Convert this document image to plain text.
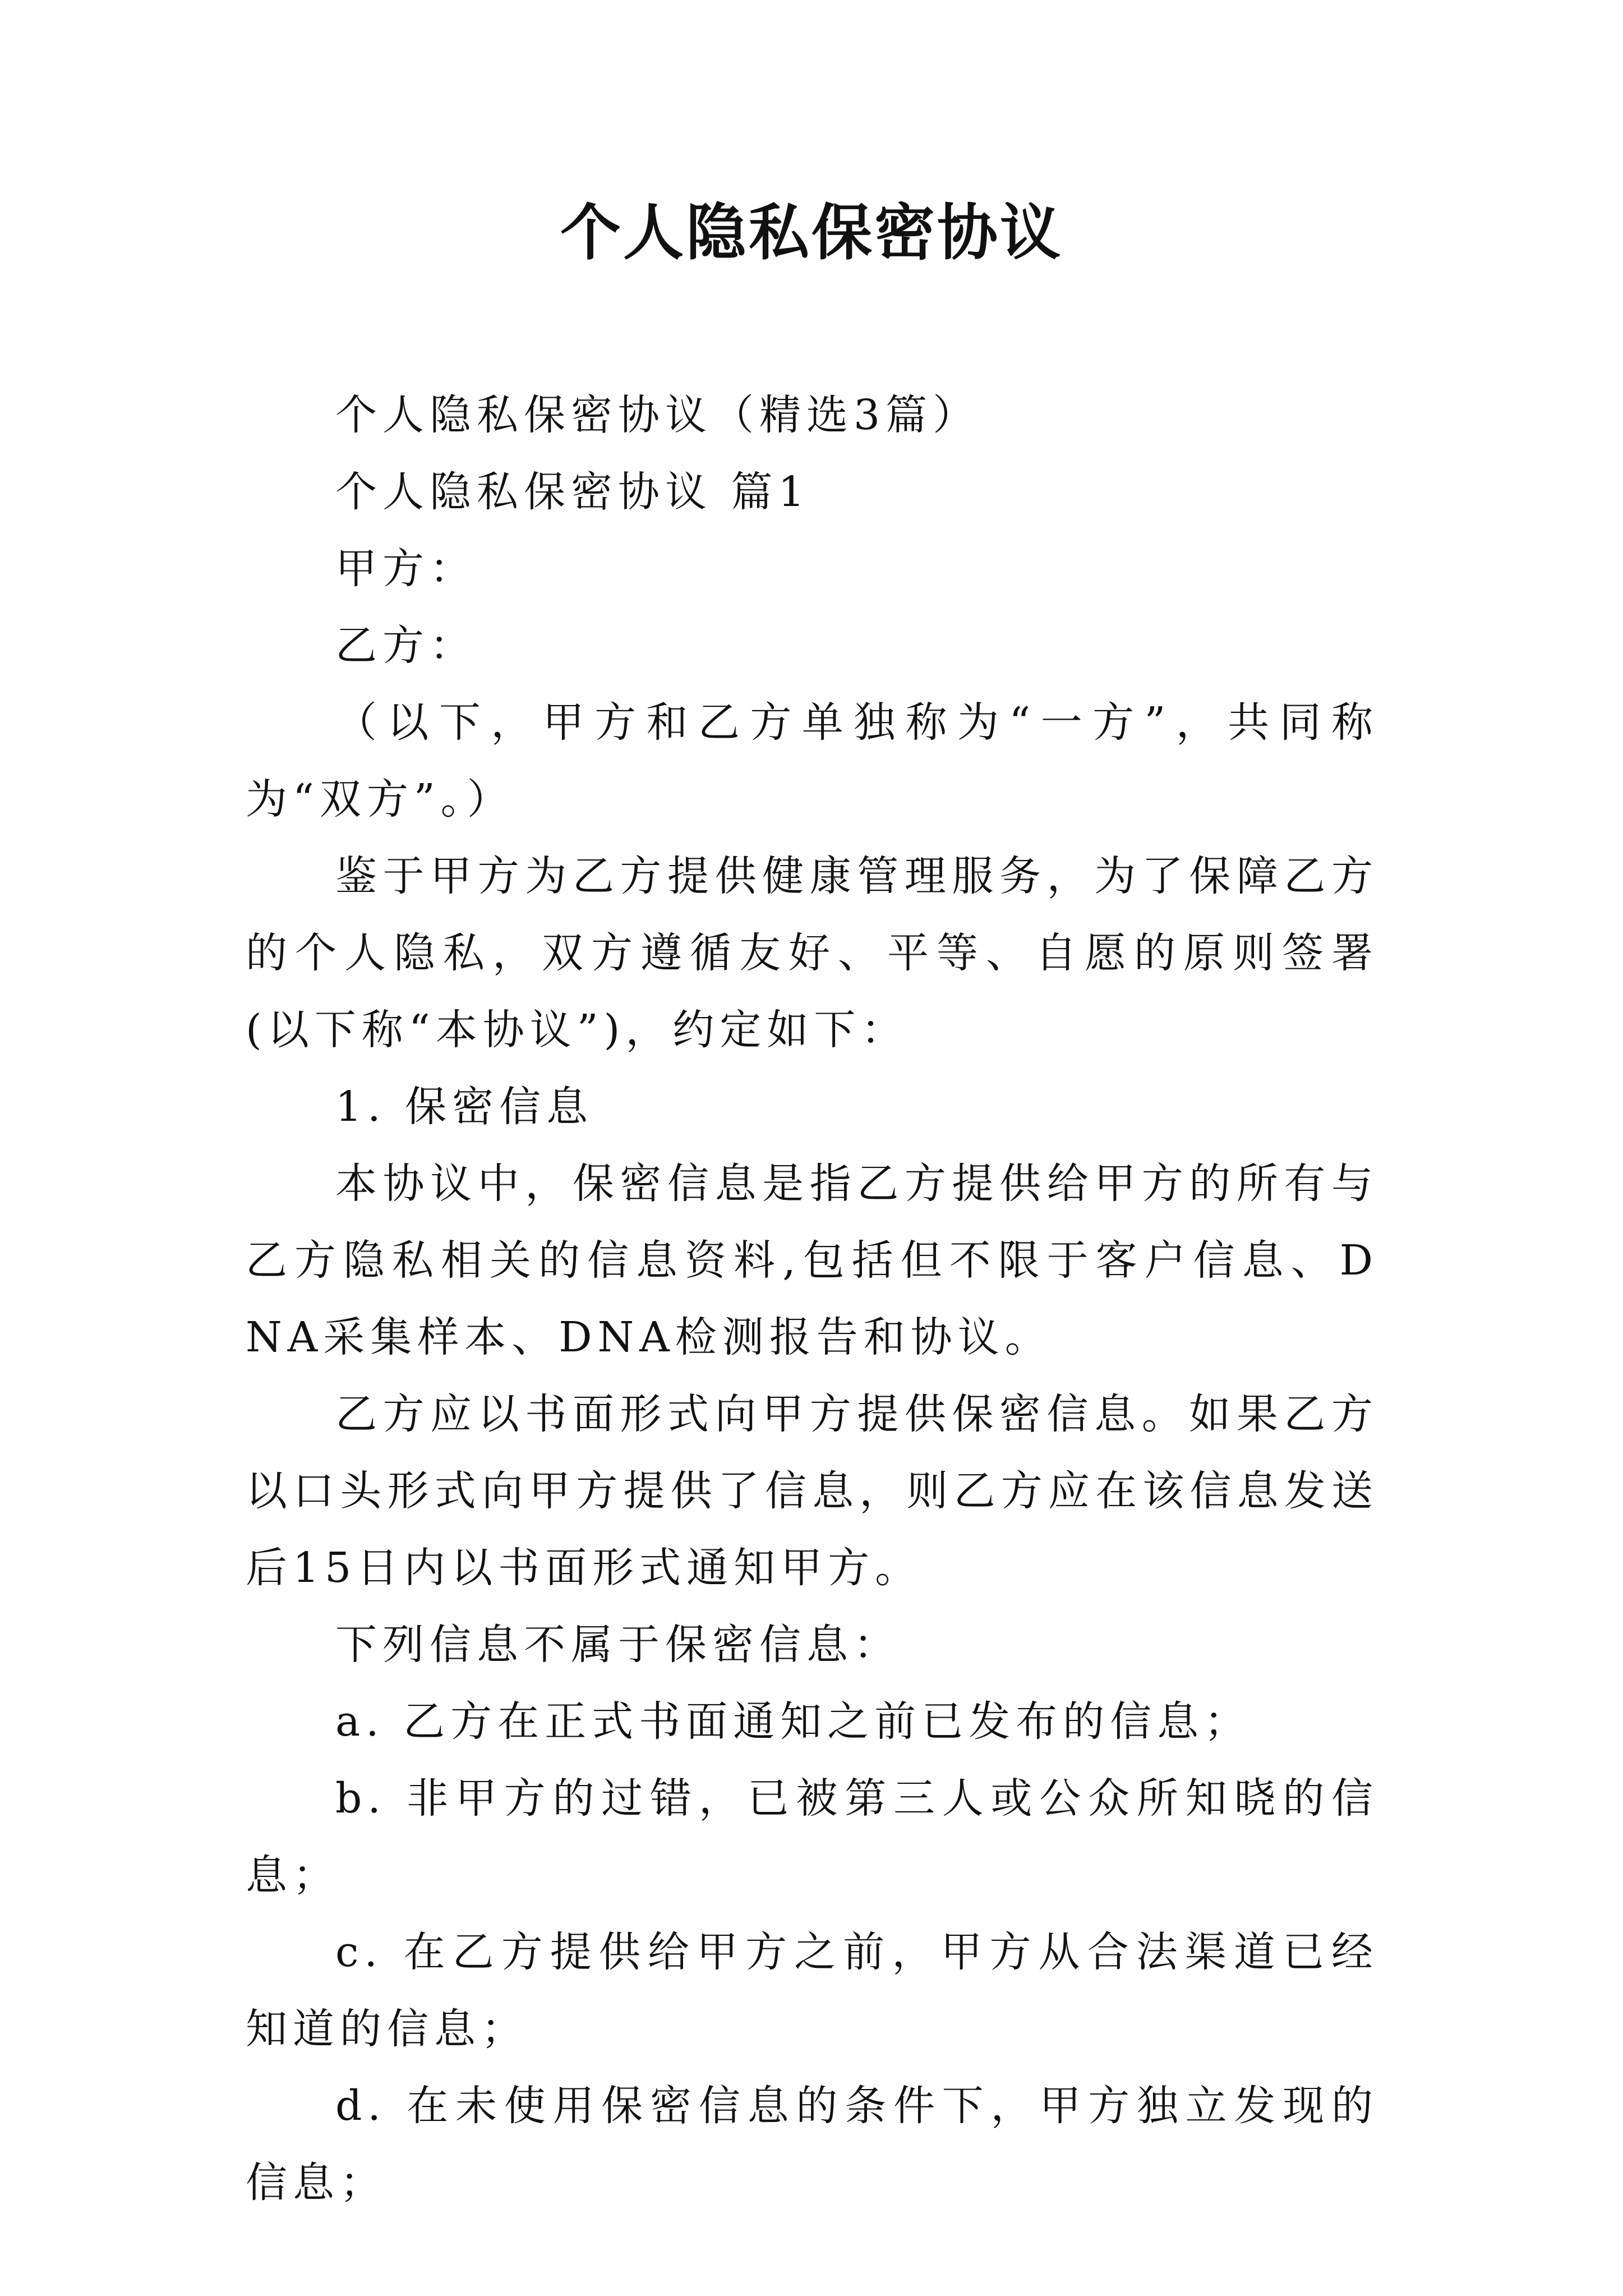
个人隐私保密协议

个人隐私保密协议（精选3篇）

个人隐私保密协议 篇1

甲方：

乙方：

（以下，甲方和乙方单独称为“一方”，共同称为“双方”。）

鉴于甲方为乙方提供健康管理服务，为了保障乙方的个人隐私，双方遵循友好、平等、自愿的原则签署(以下称“本协议”)，约定如下：

1. 保密信息

本协议中，保密信息是指乙方提供给甲方的所有与乙方隐私相关的信息资料,包括但不限于客户信息、DNA采集样本、DNA检测报告和协议。

乙方应以书面形式向甲方提供保密信息。如果乙方以口头形式向甲方提供了信息，则乙方应在该信息发送后15日内以书面形式通知甲方。

下列信息不属于保密信息：

a. 乙方在正式书面通知之前已发布的信息；

b. 非甲方的过错，已被第三人或公众所知晓的信息；

c. 在乙方提供给甲方之前，甲方从合法渠道已经知道的信息；

d. 在未使用保密信息的条件下，甲方独立发现的信息；
